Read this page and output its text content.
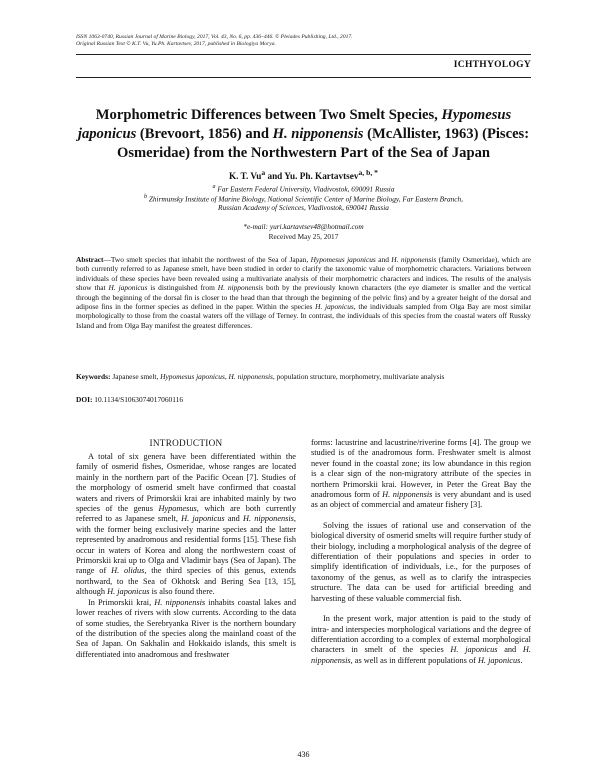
ISSN 1063-0740, Russian Journal of Marine Biology, 2017, Vol. 43, No. 6, pp. 436–446. © Pleiades Publishing, Ltd., 2017.
Original Russian Text © K.T. Vu, Yu.Ph. Kartavtsev, 2017, published in Biologiya Morya.
ICHTHYOLOGY
Morphometric Differences between Two Smelt Species, Hypomesus japonicus (Brevoort, 1856) and H. nipponensis (McAllister, 1963) (Pisces: Osmeridae) from the Northwestern Part of the Sea of Japan
K. T. Vu$^a$ and Yu. Ph. Kartavtsev$^{a, b, *}$
$^a$ Far Eastern Federal University, Vladivostok, 690091 Russia
$^b$ Zhirmunsky Institute of Marine Biology, National Scientific Center of Marine Biology, Far Eastern Branch,
Russian Academy of Sciences, Vladivostok, 690041 Russia
*e-mail: yuri.kartavtsev48@hotmail.com
Received May 25, 2017
Abstract—Two smelt species that inhabit the northwest of the Sea of Japan, Hypomesus japonicus and H. nipponensis (family Osmeridae), which are both currently referred to as Japanese smelt, have been studied in order to clarify the taxonomic value of morphometric characters. Variations between individuals of these species have been revealed using a multivariate analysis of their morphometric characters and indices. The results of the analysis show that H. japonicus is distinguished from H. nipponensis both by the previously known characters (the eye diameter is smaller and the vertical through the beginning of the dorsal fin is closer to the head than that through the beginning of the pelvic fins) and by a greater height of the dorsal and adipose fins in the former species as defined in the paper. Within the species H. japonicus, the individuals sampled from Olga Bay are most similar morphologically to those from the coastal waters off the village of Terney. In contrast, the individuals of this species from the coastal waters off Russky Island and from Olga Bay manifest the greatest differences.
Keywords: Japanese smelt, Hypomesus japonicus, H. nipponensis, population structure, morphometry, multivariate analysis
DOI: 10.1134/S1063074017060116
INTRODUCTION

A total of six genera have been differentiated within the family of osmerid fishes, Osmeridae, whose ranges are located mainly in the northern part of the Pacific Ocean [7]. Studies of the morphology of osmerid smelt have confirmed that coastal waters and rivers of Primorskii krai are inhabited mainly by two species of the genus Hypomesus, which are both currently referred to as Japanese smelt, H. japonicus and H. nipponensis, with the former being exclusively marine species and the latter represented by anadromous and residential forms [15]. These fish occur in waters of Korea and along the northwestern coast of Primorskii krai up to Olga and Vladimir bays (Sea of Japan). The range of H. olidus, the third species of this genus, extends northward, to the Sea of Okhotsk and Bering Sea [13, 15], although H. japonicus is also found there.

In Primorskii krai, H. nipponensis inhabits coastal lakes and lower reaches of rivers with slow currents. According to the data of some studies, the Serebryanka River is the northern boundary of the distribution of the species along the mainland coast of the Sea of Japan. On Sakhalin and Hokkaido islands, this smelt is differentiated into anadromous and freshwater

forms: lacustrine and lacustrine/riverine forms [4]. The group we studied is of the anadromous form. Freshwater smelt is almost never found in the coastal zone; its low abundance in this region is a clear sign of the non-migratory attribute of the species in northern Primorskii krai. However, in Peter the Great Bay the anadromous form of H. nipponensis is very abundant and is used as an object of commercial and amateur fishery [3].

Solving the issues of rational use and conservation of the biological diversity of osmerid smelts will require further study of their biology, including a morphological analysis of the degree of differentiation of their populations and species in order to simplify identification of individuals, i.e., for the purposes of taxonomy of the genus, as well as to clarify the intraspecies structure. The data can be used for artificial breeding and harvesting of these valuable commercial fish.

In the present work, major attention is paid to the study of intra- and interspecies morphological variations and the degree of differentiation according to a complex of external morphological characters in smelt of the species H. japonicus and H. nipponensis, as well as in different populations of H. japonicus.

436
